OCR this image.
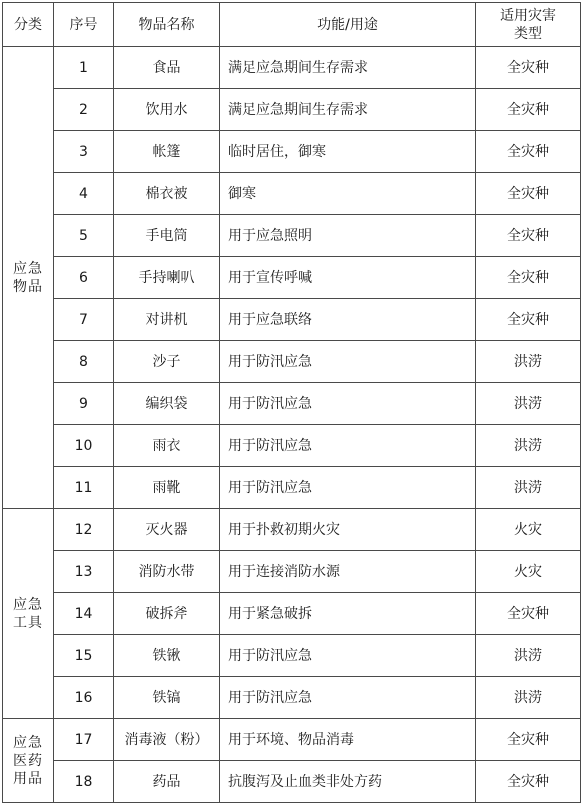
分类	序号	物品名称	功能/用途	适用灾害
类型

应急
物品	1	食品	满足应急期间生存需求	全灾种
	2	饮用水	满足应急期间生存需求	全灾种
	3	帐篷	临时居住，御寒	全灾种
	4	棉衣被	御寒	全灾种
	5	手电筒	用于应急照明	全灾种
	6	手持喇叭	用于宣传呼喊	全灾种
	7	对讲机	用于应急联络	全灾种
	8	沙子	用于防汛应急	洪涝
	9	编织袋	用于防汛应急	洪涝
	10	雨衣	用于防汛应急	洪涝
	11	雨靴	用于防汛应急	洪涝

应急
工具	12	灭火器	用于扑救初期火灾	火灾
	13	消防水带	用于连接消防水源	火灾
	14	破拆斧	用于紧急破拆	全灾种
	15	铁锹	用于防汛应急	洪涝
	16	铁镐	用于防汛应急	洪涝

应急
医药
用品	17	消毒液（粉）	用于环境、物品消毒	全灾种
	18	药品	抗腹泻及止血类非处方药	全灾种
